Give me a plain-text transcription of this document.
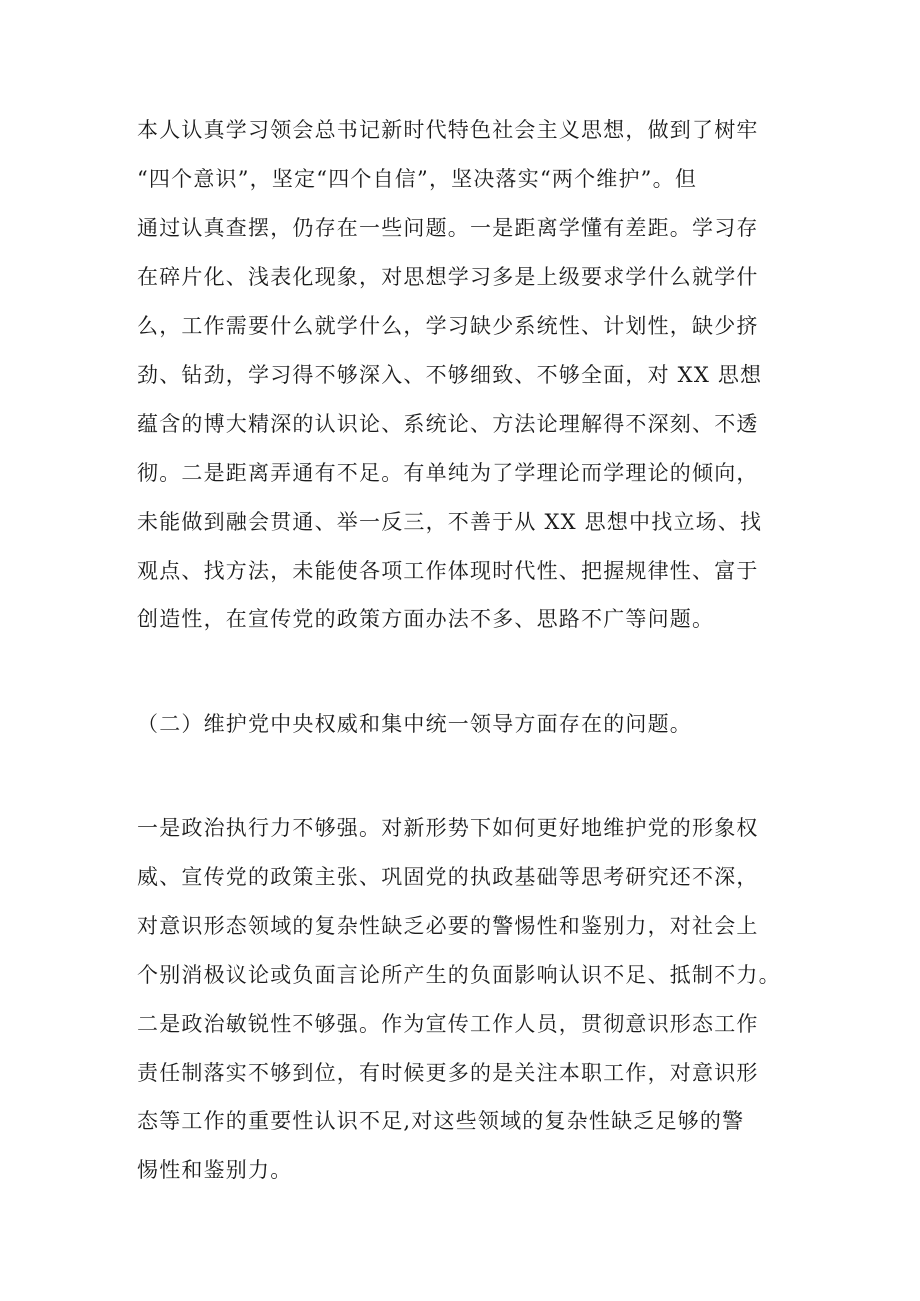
本人认真学习领会总书记新时代特色社会主义思想，做到了树牢
“四个意识”，坚定“四个自信”，坚决落实“两个维护”。但
通过认真查摆，仍存在一些问题。一是距离学懂有差距。学习存
在碎片化、浅表化现象，对思想学习多是上级要求学什么就学什
么，工作需要什么就学什么，学习缺少系统性、计划性，缺少挤
劲、钻劲，学习得不够深入、不够细致、不够全面，对 XX 思想
蕴含的博大精深的认识论、系统论、方法论理解得不深刻、不透
彻。二是距离弄通有不足。有单纯为了学理论而学理论的倾向，
未能做到融会贯通、举一反三，不善于从 XX 思想中找立场、找
观点、找方法，未能使各项工作体现时代性、把握规律性、富于
创造性，在宣传党的政策方面办法不多、思路不广等问题。
（二）维护党中央权威和集中统一领导方面存在的问题。
一是政治执行力不够强。对新形势下如何更好地维护党的形象权
威、宣传党的政策主张、巩固党的执政基础等思考研究还不深，
对意识形态领域的复杂性缺乏必要的警惕性和鉴别力，对社会上
个别消极议论或负面言论所产生的负面影响认识不足、抵制不力。
二是政治敏锐性不够强。作为宣传工作人员，贯彻意识形态工作
责任制落实不够到位，有时候更多的是关注本职工作，对意识形
态等工作的重要性认识不足,对这些领域的复杂性缺乏足够的警
惕性和鉴别力。
